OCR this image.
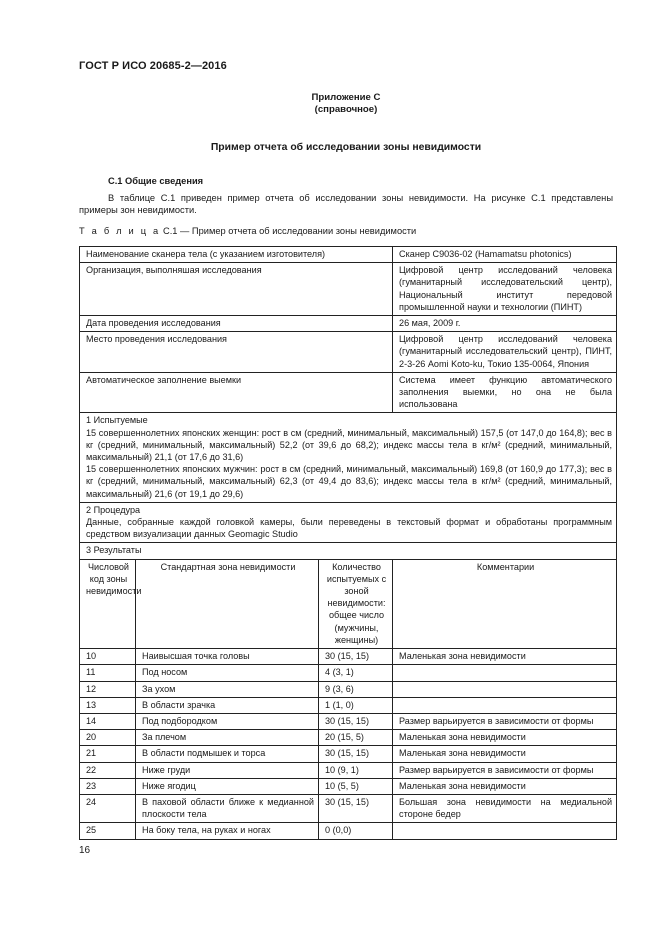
ГОСТ Р ИСО 20685-2—2016
Приложение С
(справочное)
Пример отчета об исследовании зоны невидимости
С.1 Общие сведения
В таблице С.1 приведен пример отчета об исследовании зоны невидимости. На рисунке С.1 представлены примеры зон невидимости.
Т а б л и ц а С.1 — Пример отчета об исследовании зоны невидимости
Наименование сканера тела (с указанием изготовителя)			Сканер C9036-02 (Hamamatsu photonics)
Организация, выполняшая исследования			Цифровой центр исследований человека (гуманитарный исследовательский центр), Национальный институт передовой промышленной науки и технологии (ПИНТ)
Дата проведения исследования			26 мая, 2009 г.
Место проведения исследования			Цифровой центр исследований человека (гуманитарный исследовательский центр), ПИНТ, 2-3-26 Aomi Koto-ku, Токио 135-0064, Япония
Автоматическое заполнение выемки			Система имеет функцию автоматического заполнения выемки, но она не была использована

1 Испытуемые
15 совершеннолетних японских женщин: рост в см (средний, минимальный, максимальный) 157,5 (от 147,0 до 164,8); вес в кг (средний, минимальный, максимальный) 52,2 (от 39,6 до 68,2); индекс массы тела в кг/м² (средний, минимальный, максимальный) 21,1 (от 17,6 до 31,6)
15 совершеннолетних японских мужчин: рост в см (средний, минимальный, максимальный) 169,8 (от 160,9 до 177,3); вес в кг (средний, минимальный, максимальный) 62,3 (от 49,4 до 83,6); индекс массы тела в кг/м² (средний, минимальный, максимальный) 21,6 (от 19,1 до 29,6)			

2 Процедура
Данные, собранные каждой головкой камеры, были переведены в текстовый формат и обработаны программным средством визуализации данных Geomagic Studio			

3 Результаты			
Числовой код зоны невидимости	Стандартная зона невидимости	Количество испытуемых с зоной невидимости: общее число (мужчины, женщины)	Комментарии
10	Наивысшая точка головы	30 (15, 15)	Маленькая зона невидимости
11	Под носом	4 (3, 1)	
12	За ухом	9 (3, 6)	
13	В области зрачка	1 (1, 0)	
14	Под подбородком	30 (15, 15)	Размер варьируется в зависимости от формы
20	За плечом	20 (15, 5)	Маленькая зона невидимости
21	В области подмышек и торса	30 (15, 15)	Маленькая зона невидимости
22	Ниже груди	10 (9, 1)	Размер варьируется в зависимости от формы
23	Ниже ягодиц	10 (5, 5)	Маленькая зона невидимости
24	В паховой области ближе к медианной плоскости тела	30 (15, 15)	Большая зона невидимости на медиальной стороне бедер
25	На боку тела, на руках и ногах	0 (0,0)	
16
